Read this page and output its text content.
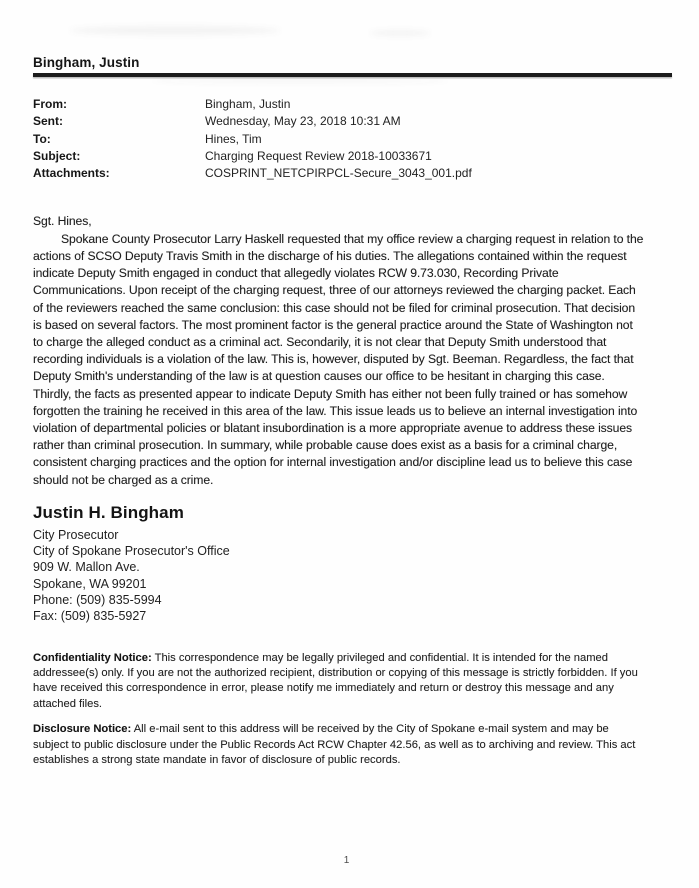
Bingham, Justin
From:	Bingham, Justin
Sent:	Wednesday, May 23, 2018 10:31 AM
To:	Hines, Tim
Subject:	Charging Request Review 2018-10033671
Attachments:	COSPRINT_NETCPIRPCL-Secure_3043_001.pdf

Sgt. Hines,

Spokane County Prosecutor Larry Haskell requested that my office review a charging request in relation to the actions of SCSO Deputy Travis Smith in the discharge of his duties. The allegations contained within the request indicate Deputy Smith engaged in conduct that allegedly violates RCW 9.73.030, Recording Private Communications. Upon receipt of the charging request, three of our attorneys reviewed the charging packet. Each of the reviewers reached the same conclusion: this case should not be filed for criminal prosecution. That decision is based on several factors. The most prominent factor is the general practice around the State of Washington not to charge the alleged conduct as a criminal act. Secondarily, it is not clear that Deputy Smith understood that recording individuals is a violation of the law. This is, however, disputed by Sgt. Beeman. Regardless, the fact that Deputy Smith's understanding of the law is at question causes our office to be hesitant in charging this case. Thirdly, the facts as presented appear to indicate Deputy Smith has either not been fully trained or has somehow forgotten the training he received in this area of the law. This issue leads us to believe an internal investigation into violation of departmental policies or blatant insubordination is a more appropriate avenue to address these issues rather than criminal prosecution. In summary, while probable cause does exist as a basis for a criminal charge, consistent charging practices and the option for internal investigation and/or discipline lead us to believe this case should not be charged as a crime.

Justin H. Bingham
City Prosecutor
City of Spokane Prosecutor's Office
909 W. Mallon Ave.
Spokane, WA 99201
Phone: (509) 835-5994
Fax: (509) 835-5927

Confidentiality Notice: This correspondence may be legally privileged and confidential. It is intended for the named addressee(s) only. If you are not the authorized recipient, distribution or copying of this message is strictly forbidden. If you have received this correspondence in error, please notify me immediately and return or destroy this message and any attached files.

Disclosure Notice: All e-mail sent to this address will be received by the City of Spokane e-mail system and may be subject to public disclosure under the Public Records Act RCW Chapter 42.56, as well as to archiving and review. This act establishes a strong state mandate in favor of disclosure of public records.

1
